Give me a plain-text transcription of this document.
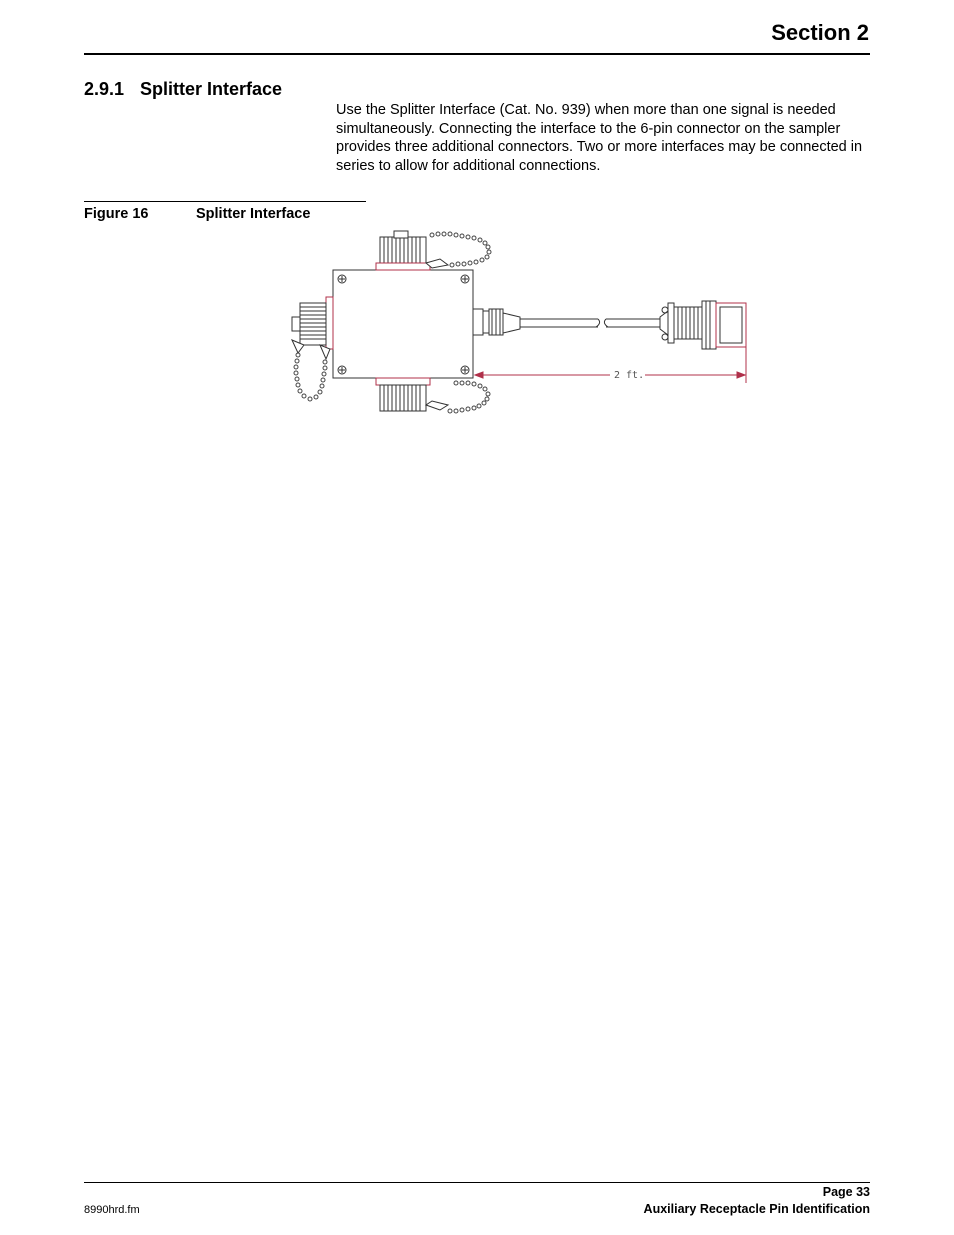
Section 2
2.9.1 Splitter Interface
Use the Splitter Interface (Cat. No. 939) when more than one signal is needed simultaneously. Connecting the interface to the 6-pin connector on the sampler provides three additional connectors. Two or more interfaces may be connected in series to allow for additional connections.
Figure 16	Splitter Interface
2 ft.
Page 33
Auxiliary Receptacle Pin Identification
8990hrd.fm
